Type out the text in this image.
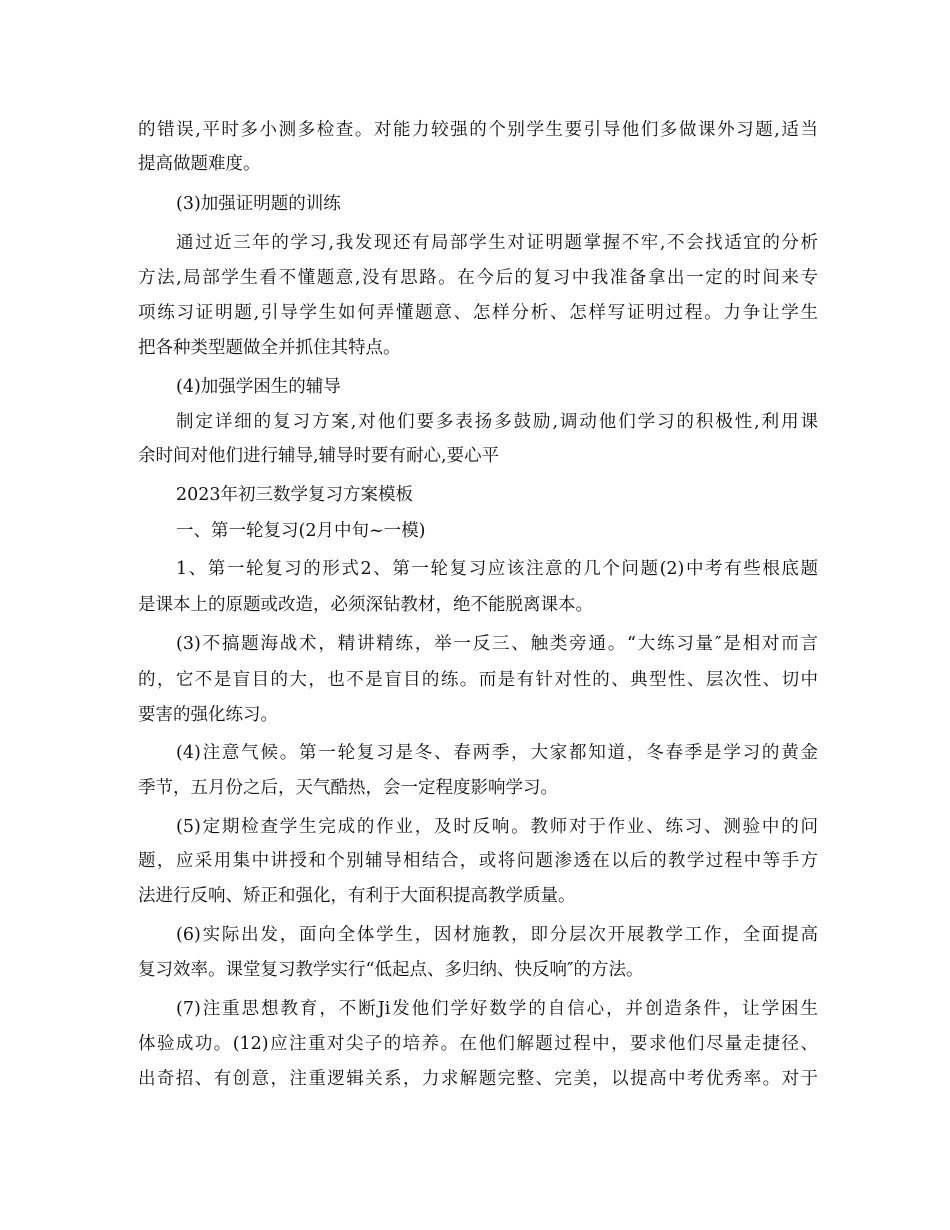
的错误,平时多小测多检查。对能力较强的个别学生要引导他们多做课外习题,适当
提高做题难度。
(3)加强证明题的训练
通过近三年的学习,我发现还有局部学生对证明题掌握不牢,不会找适宜的分析
方法,局部学生看不懂题意,没有思路。在今后的复习中我准备拿出一定的时间来专
项练习证明题,引导学生如何弄懂题意、怎样分析、怎样写证明过程。力争让学生
把各种类型题做全并抓住其特点。
(4)加强学困生的辅导
制定详细的复习方案,对他们要多表扬多鼓励,调动他们学习的积极性,利用课
余时间对他们进行辅导,辅导时要有耐心,要心平
2023年初三数学复习方案模板
一、第一轮复习(2月中旬~一模)
1、第一轮复习的形式2、第一轮复习应该注意的几个问题(2)中考有些根底题
是课本上的原题或改造，必须深钻教材，绝不能脱离课本。
(3)不搞题海战术，精讲精练，举一反三、触类旁通。“大练习量″是相对而言
的，它不是盲目的大，也不是盲目的练。而是有针对性的、典型性、层次性、切中
要害的强化练习。
(4)注意气候。第一轮复习是冬、春两季，大家都知道，冬春季是学习的黄金
季节，五月份之后，天气酷热，会一定程度影响学习。
(5)定期检查学生完成的作业，及时反响。教师对于作业、练习、测验中的问
题，应采用集中讲授和个别辅导相结合，或将问题渗透在以后的教学过程中等手方
法进行反响、矫正和强化，有利于大面积提高教学质量。
(6)实际出发，面向全体学生，因材施教，即分层次开展教学工作，全面提高
复习效率。课堂复习教学实行“低起点、多归纳、快反响″的方法。
(7)注重思想教育，不断Ji发他们学好数学的自信心，并创造条件，让学困生
体验成功。(12)应注重对尖子的培养。在他们解题过程中，要求他们尽量走捷径、
出奇招、有创意，注重逻辑关系，力求解题完整、完美，以提高中考优秀率。对于
